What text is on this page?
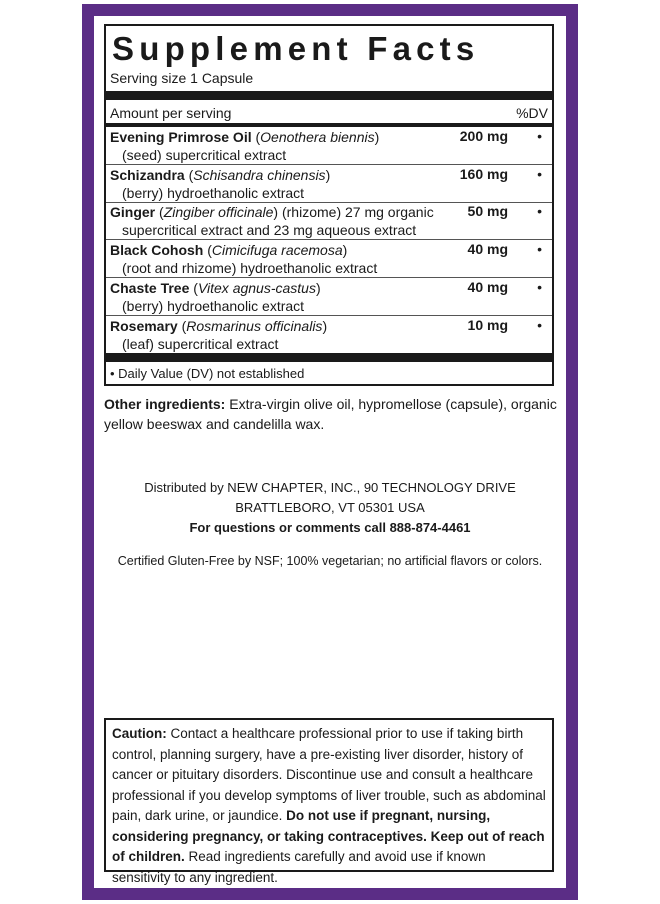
Supplement Facts
Serving size 1 Capsule
Amount per serving	%DV
Evening Primrose Oil (Oenothera biennis)
(seed) supercritical extract
200 mg •
Schizandra (Schisandra chinensis)
(berry) hydroethanolic extract
160 mg •
Ginger (Zingiber officinale) (rhizome) 27 mg organic
supercritical extract and 23 mg aqueous extract
50 mg •
Black Cohosh (Cimicifuga racemosa)
(root and rhizome) hydroethanolic extract
40 mg •
Chaste Tree (Vitex agnus-castus)
(berry) hydroethanolic extract
40 mg •
Rosemary (Rosmarinus officinalis)
(leaf) supercritical extract
10 mg •
• Daily Value (DV) not established
Other ingredients: Extra-virgin olive oil, hypromellose (capsule), organic yellow beeswax and candelilla wax.
Distributed by NEW CHAPTER, INC., 90 TECHNOLOGY DRIVE
BRATTLEBORO, VT 05301 USA
For questions or comments call 888-874-4461
Certified Gluten-Free by NSF; 100% vegetarian; no artificial flavors or colors.
Caution: Contact a healthcare professional prior to use if taking birth control, planning surgery, have a pre-existing liver disorder, history of cancer or pituitary disorders. Discontinue use and consult a healthcare professional if you develop symptoms of liver trouble, such as abdominal pain, dark urine, or jaundice. Do not use if pregnant, nursing, considering pregnancy, or taking contraceptives. Keep out of reach of children. Read ingredients carefully and avoid use if known sensitivity to any ingredient.
